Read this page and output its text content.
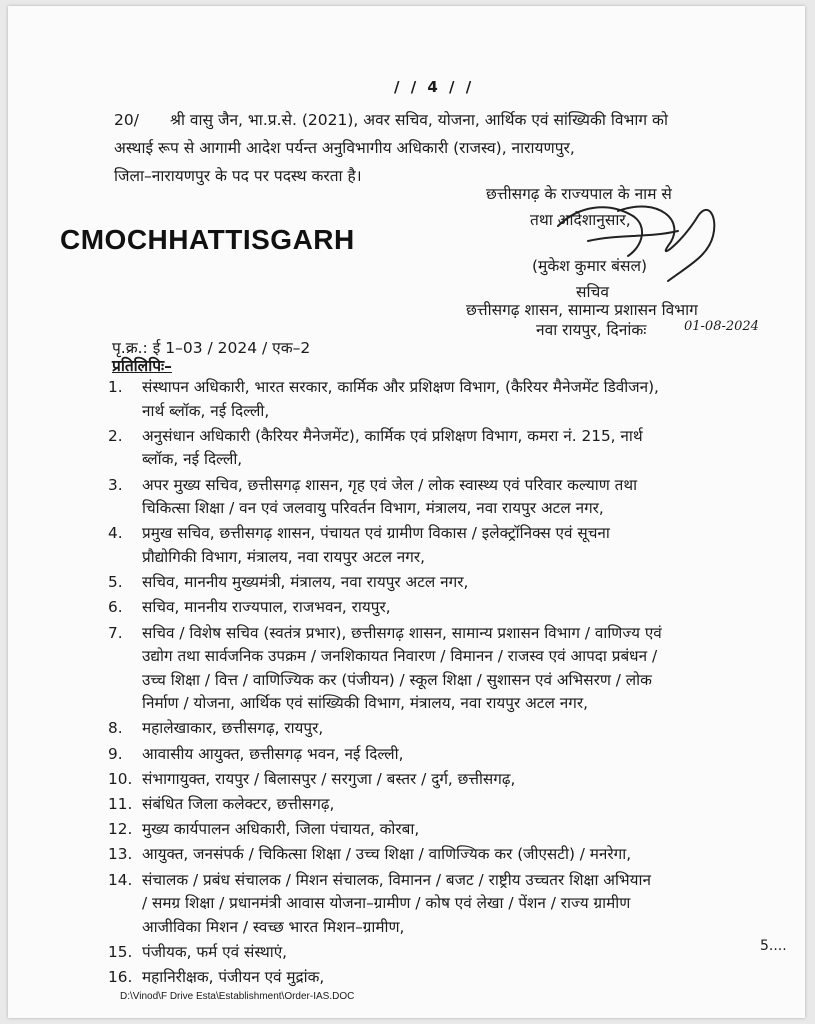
/ / 4 / /
20/ श्री वासु जैन, भा.प्र.से. (2021), अवर सचिव, योजना, आर्थिक एवं सांख्यिकी विभाग को
अस्थाई रूप से आगामी आदेश पर्यन्त अनुविभागीय अधिकारी (राजस्व), नारायणपुर,
जिला–नारायणपुर के पद पर पदस्थ करता है।
छत्तीसगढ़ के राज्यपाल के नाम से
तथा आदेशानुसार,
(मुकेश कुमार बंसल)
सचिव
छत्तीसगढ़ शासन, सामान्य प्रशासन विभाग
नवा रायपुर, दिनांकः	01-08-2024
CMOCHHATTISGARH
पृ.क्र.: ई 1–03 / 2024 / एक–2
प्रतिलिपिः–
1. संस्थापन अधिकारी, भारत सरकार, कार्मिक और प्रशिक्षण विभाग, (कैरियर मैनेजमेंट डिवीजन),
नार्थ ब्लॉक, नई दिल्ली,
2. अनुसंधान अधिकारी (कैरियर मैनेजमेंट), कार्मिक एवं प्रशिक्षण विभाग, कमरा नं. 215, नार्थ
ब्लॉक, नई दिल्ली,
3. अपर मुख्य सचिव, छत्तीसगढ़ शासन, गृह एवं जेल / लोक स्वास्थ्य एवं परिवार कल्याण तथा
चिकित्सा शिक्षा / वन एवं जलवायु परिवर्तन विभाग, मंत्रालय, नवा रायपुर अटल नगर,
4. प्रमुख सचिव, छत्तीसगढ़ शासन, पंचायत एवं ग्रामीण विकास / इलेक्ट्रॉनिक्स एवं सूचना
प्रौद्योगिकी विभाग, मंत्रालय, नवा रायपुर अटल नगर,
5. सचिव, माननीय मुख्यमंत्री, मंत्रालय, नवा रायपुर अटल नगर,
6. सचिव, माननीय राज्यपाल, राजभवन, रायपुर,
7. सचिव / विशेष सचिव (स्वतंत्र प्रभार), छत्तीसगढ़ शासन, सामान्य प्रशासन विभाग / वाणिज्य एवं
उद्योग तथा सार्वजनिक उपक्रम / जनशिकायत निवारण / विमानन / राजस्व एवं आपदा प्रबंधन /
उच्च शिक्षा / वित्त / वाणिज्यिक कर (पंजीयन) / स्कूल शिक्षा / सुशासन एवं अभिसरण / लोक
निर्माण / योजना, आर्थिक एवं सांख्यिकी विभाग, मंत्रालय, नवा रायपुर अटल नगर,
8. महालेखाकार, छत्तीसगढ़, रायपुर,
9. आवासीय आयुक्त, छत्तीसगढ़ भवन, नई दिल्ली,
10. संभागायुक्त, रायपुर / बिलासपुर / सरगुजा / बस्तर / दुर्ग, छत्तीसगढ़,
11. संबंधित जिला कलेक्टर, छत्तीसगढ़,
12. मुख्य कार्यपालन अधिकारी, जिला पंचायत, कोरबा,
13. आयुक्त, जनसंपर्क / चिकित्सा शिक्षा / उच्च शिक्षा / वाणिज्यिक कर (जीएसटी) / मनरेगा,
14. संचालक / प्रबंध संचालक / मिशन संचालक, विमानन / बजट / राष्ट्रीय उच्चतर शिक्षा अभियान
/ समग्र शिक्षा / प्रधानमंत्री आवास योजना–ग्रामीण / कोष एवं लेखा / पेंशन / राज्य ग्रामीण
आजीविका मिशन / स्वच्छ भारत मिशन–ग्रामीण,
15. पंजीयक, फर्म एवं संस्थाएं,
16. महानिरीक्षक, पंजीयन एवं मुद्रांक,
5....
D:\Vinod\F Drive Esta\Establishment\Order-IAS.DOC
